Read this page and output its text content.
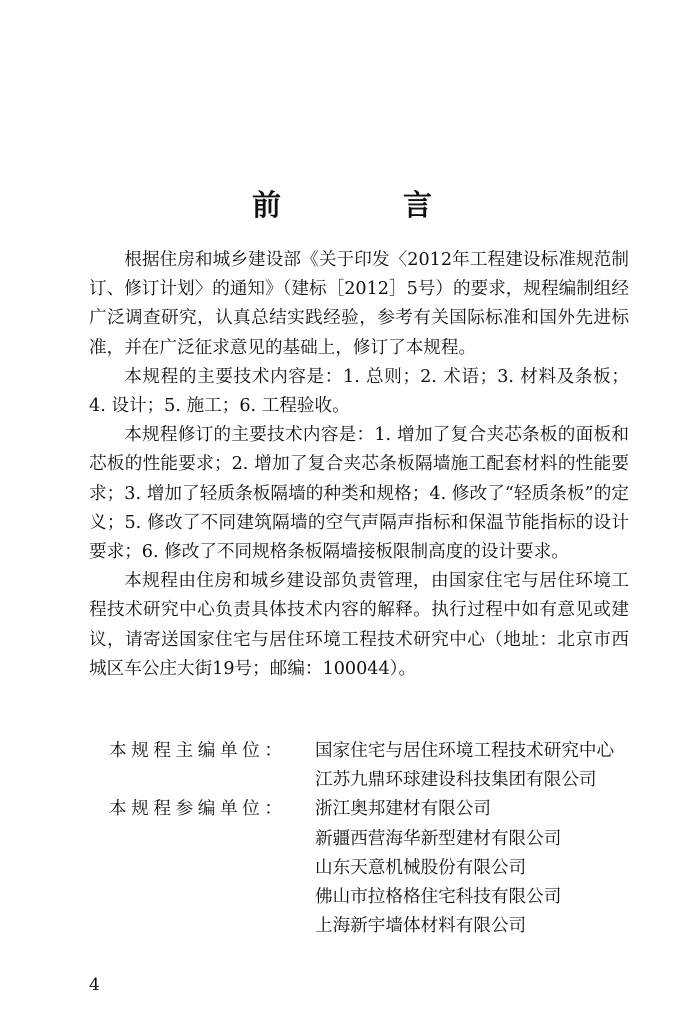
前 言

根据住房和城乡建设部《关于印发〈2012年工程建设标准规范制订、修订计划〉的通知》（建标［2012］5号）的要求，规程编制组经广泛调查研究，认真总结实践经验，参考有关国际标准和国外先进标准，并在广泛征求意见的基础上，修订了本规程。

本规程的主要技术内容是：1. 总则；2. 术语；3. 材料及条板；4. 设计；5. 施工；6. 工程验收。

本规程修订的主要技术内容是：1. 增加了复合夹芯条板的面板和芯板的性能要求；2. 增加了复合夹芯条板隔墙施工配套材料的性能要求；3. 增加了轻质条板隔墙的种类和规格；4. 修改了“轻质条板”的定义；5. 修改了不同建筑隔墙的空气声隔声指标和保温节能指标的设计要求；6. 修改了不同规格条板隔墙接板限制高度的设计要求。

本规程由住房和城乡建设部负责管理，由国家住宅与居住环境工程技术研究中心负责具体技术内容的解释。执行过程中如有意见或建议，请寄送国家住宅与居住环境工程技术研究中心（地址：北京市西城区车公庄大街19号；邮编：100044）。

本规程主编单位：	国家住宅与居住环境工程技术研究中心
江苏九鼎环球建设科技集团有限公司
本规程参编单位：	浙江奥邦建材有限公司
新疆西营海华新型建材有限公司
山东天意机械股份有限公司
佛山市拉格格住宅科技有限公司
上海新宇墙体材料有限公司
4
